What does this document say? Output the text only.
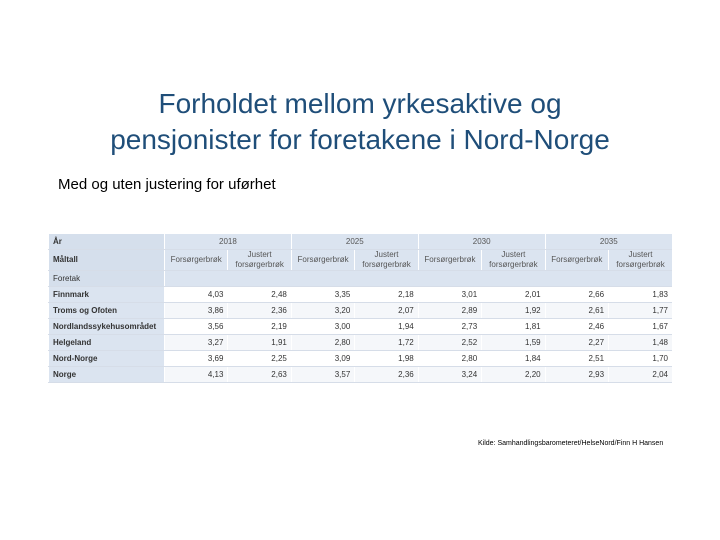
Forholdet mellom yrkesaktive og
pensjonister for foretakene i Nord-Norge
Med og uten justering for uførhet
År	2018		2025		2030		2035	
Måltall	Forsørgerbrøk	Justert forsørgerbrøk	Forsørgerbrøk	Justert forsørgerbrøk	Forsørgerbrøk	Justert forsørgerbrøk	Forsørgerbrøk	Justert forsørgerbrøk
Foretak								
Finnmark	4,03	2,48	3,35	2,18	3,01	2,01	2,66	1,83
Troms og Ofoten	3,86	2,36	3,20	2,07	2,89	1,92	2,61	1,77
Nordlandssykehusområdet	3,56	2,19	3,00	1,94	2,73	1,81	2,46	1,67
Helgeland	3,27	1,91	2,80	1,72	2,52	1,59	2,27	1,48
Nord-Norge	3,69	2,25	3,09	1,98	2,80	1,84	2,51	1,70
Norge	4,13	2,63	3,57	2,36	3,24	2,20	2,93	2,04
Kilde: Samhandlingsbarometeret/HelseNord/Finn H Hansen
